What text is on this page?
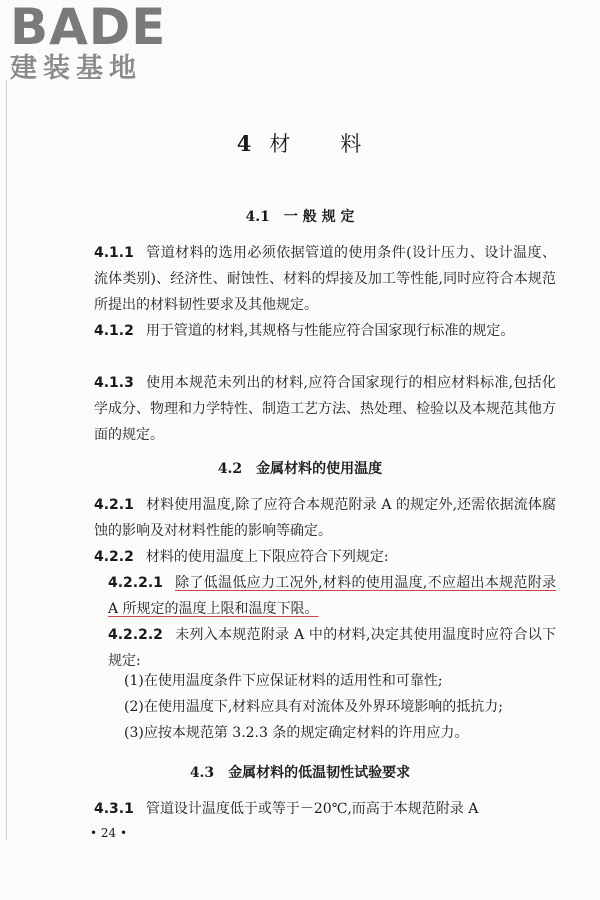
BADE
建装基地
4 材 料
4.1 一 般 规 定
4.1.1 管道材料的选用必须依据管道的使用条件(设计压力、设计温度、流体类别)、经济性、耐蚀性、材料的焊接及加工等性能,同时应符合本规范所提出的材料韧性要求及其他规定。
4.1.2 用于管道的材料,其规格与性能应符合国家现行标准的规定。
4.1.3 使用本规范未列出的材料,应符合国家现行的相应材料标准,包括化学成分、物理和力学特性、制造工艺方法、热处理、检验以及本规范其他方面的规定。
4.2 金属材料的使用温度
4.2.1 材料使用温度,除了应符合本规范附录 A 的规定外,还需依据流体腐蚀的影响及对材料性能的影响等确定。
4.2.2 材料的使用温度上下限应符合下列规定:
4.2.2.1 除了低温低应力工况外,材料的使用温度,不应超出本规范附录 A 所规定的温度上限和温度下限。
4.2.2.2 未列入本规范附录 A 中的材料,决定其使用温度时应符合以下规定:
(1)在使用温度条件下应保证材料的适用性和可靠性;
(2)在使用温度下,材料应具有对流体及外界环境影响的抵抗力;
(3)应按本规范第 3.2.3 条的规定确定材料的许用应力。
4.3 金属材料的低温韧性试验要求
4.3.1 管道设计温度低于或等于－20℃,而高于本规范附录 A
• 24 •
